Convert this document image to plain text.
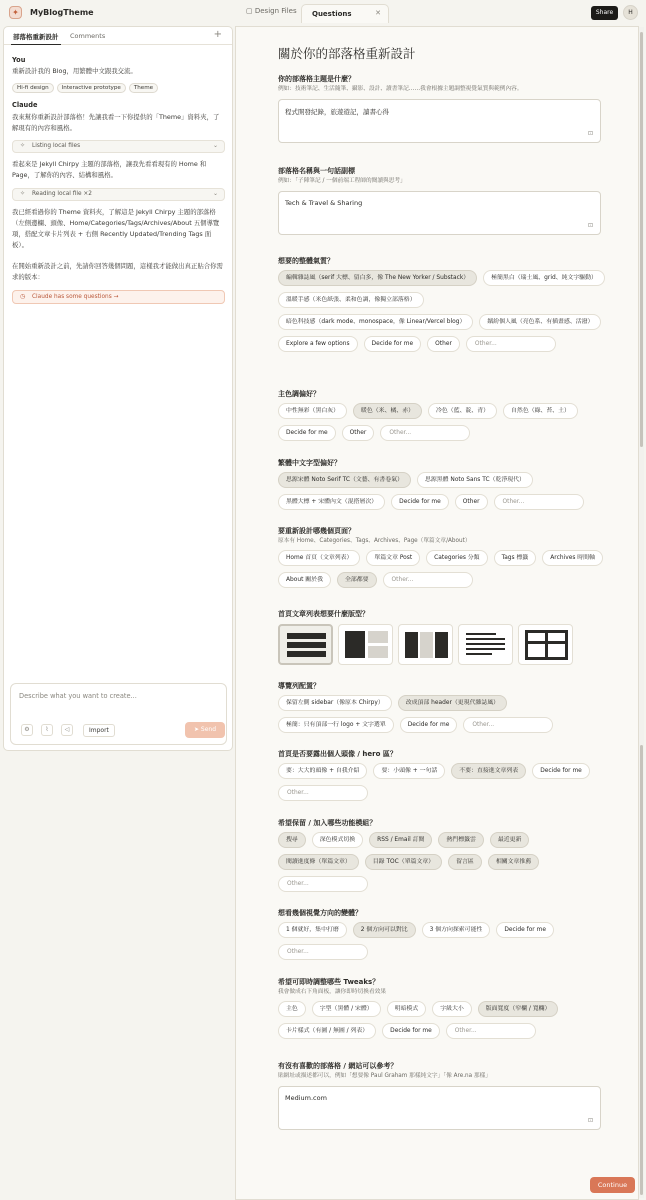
✦	MyBlogTheme	▢ Design Files	Questions	✕	Share	H
部落格重新設計 Comments	+
You
重新設計我的 Blog，用繁體中文跟我交流。
Hi-fi design	Interactive prototype	Theme
Claude
我來幫你重新設計部落格！先讓我看一下你提供的「Theme」資料夾，了解現有的內容和風格。
✧ Listing local files	⌄
看起來是 Jekyll Chirpy 主題的部落格，讓我先看看現有的 Home 和 Page，了解你的內容、結構和風格。
✧ Reading local file ×2	⌄
我已經看過你的 Theme 資料夾，了解這是 Jekyll Chirpy 主題的部落格（左側邊欄、頭像、Home/Categories/Tags/Archives/About 五個導覽項，搭配文章卡片列表 + 右側 Recently Updated/Trending Tags 面板）。
在開始重新設計之前，先請你回答幾個問題，這樣我才能做出真正貼合你需求的版本：
◷ Claude has some questions →
Describe what you want to create...
⚙	⌇	◁	Import	➤ Send
關於你的部落格重新設計
你的部落格主題是什麼？
例如：技術筆記、生活隨筆、攝影、設計、讀書筆記……我會根據主題調整視覺氣質與範例內容。
程式開發紀錄，旅遊遊記，讀書心得
⊡
部落格名稱與一句話副標
例如：「子陣筆記 / 一個前端工程師的閱讀與思考」
Tech & Travel & Sharing
⊡
想要的整體氣質？
編輯雜誌風（serif 大標、留白多，像 The New Yorker / Substack）	極簡黑白（瑞士風、grid、純文字驅動）
溫暖手感（米色紙張、柔和色調，像獨立部落格）
暗色科技感（dark mode、monospace，像 Linear/Vercel blog）	繽紛個人風（亮色系、有插畫感、活潑）
Explore a few options	Decide for me	Other	Other...
主色調偏好？
中性無彩（黑白灰）	暖色（米、橘、赤）	冷色（藍、靛、青）	自然色（綠、苔、土）
Decide for me	Other	Other...
繁體中文字型偏好？
思源宋體 Noto Serif TC（文藝、有書卷氣）	思源黑體 Noto Sans TC（乾淨現代）
黑體大標 + 宋體內文（混搭層次）	Decide for me	Other	Other...
要重新設計哪幾個頁面？
原本有 Home、Categories、Tags、Archives、Page（單篇文章/About）
Home 首頁（文章列表）	單篇文章 Post	Categories 分類	Tags 標籤	Archives 時間軸
About 關於我	全部都要	Other...
首頁文章列表想要什麼版型？
導覽列配置？
保留左側 sidebar（像原本 Chirpy）	改成頂部 header（更現代雜誌風）
極簡：只有頂部一行 logo + 文字選單	Decide for me	Other...
首頁是否要露出個人頭像 / hero 區？
要：大大的頭像 + 自我介紹	要：小頭像 + 一句話	不要：直接進文章列表	Decide for me
Other...
希望保留 / 加入哪些功能模組？
搜尋	深色模式切換	RSS / Email 訂閱	熱門標籤雲	最近更新
閱讀進度條（單篇文章）	目錄 TOC（單篇文章）	留言區	相關文章推薦
Other...
想看幾個視覺方向的變體？
1 個就好，集中打磨	2 個方向可以對比	3 個方向探索可能性	Decide for me
Other...
希望可即時調整哪些 Tweaks？
我會做成右下角面板，讓你即時切換看效果
主色	字型（黑體 / 宋體）	明暗模式	字級大小	版面寬度（窄欄 / 寬欄）
卡片樣式（有圖 / 無圖 / 列表）	Decide for me	Other...
有沒有喜歡的部落格 / 網站可以參考？
貼網址或描述都可以，例如「想要像 Paul Graham 那樣純文字」「像 Are.na 那樣」
Medium.com
⊡
Continue
